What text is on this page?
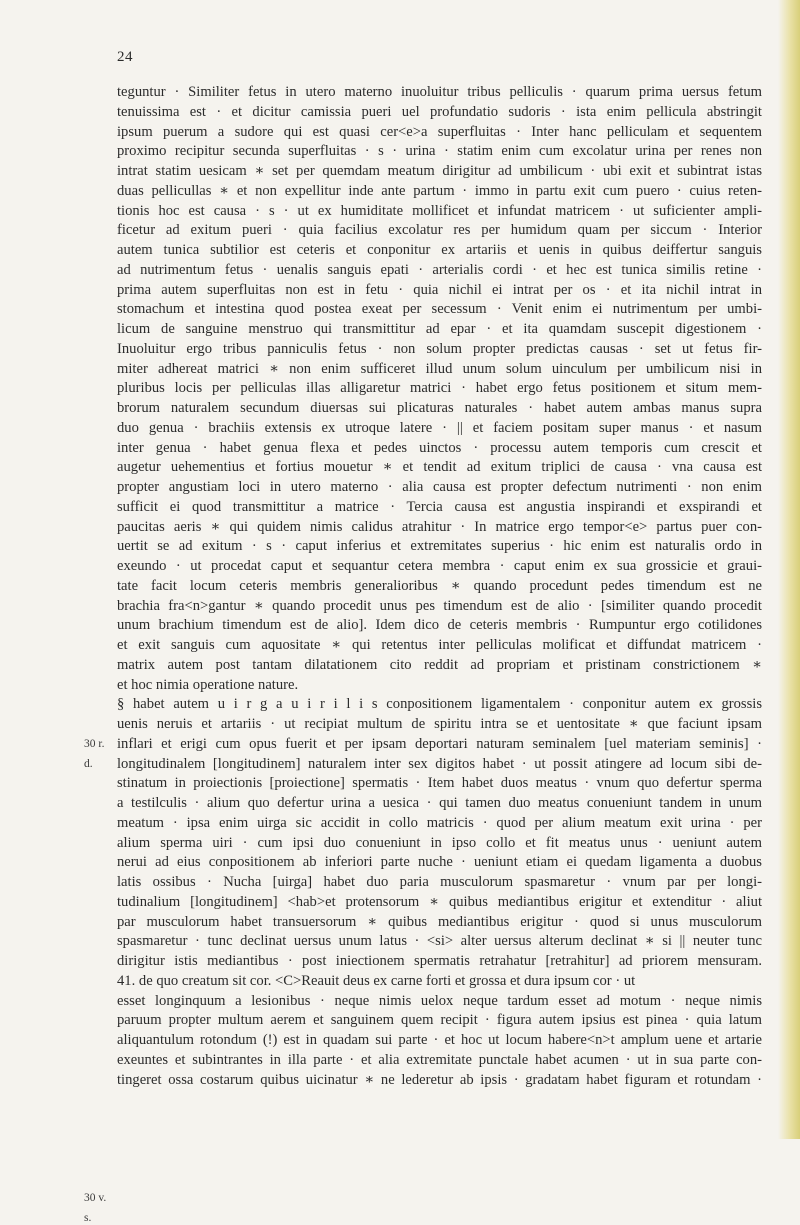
24
30 r.
d.
30 v.
s.
teguntur · Similiter fetus in utero materno inuoluitur tribus pelliculis · quarum prima uersus fetum
tenuissima est · et dicitur camissia pueri uel profundatio sudoris · ista enim pellicula abstringit
ipsum puerum a sudore qui est quasi cer<e>a superfluitas · Inter hanc pelliculam et sequentem
proximo recipitur secunda superfluitas · s · urina · statim enim cum excolatur urina per renes non
intrat statim uesicam ∗ set per quemdam meatum dirigitur ad umbilicum · ubi exit et subintrat istas
duas pellicullas ∗ et non expellitur inde ante partum · immo in partu exit cum puero · cuius reten-
tionis hoc est causa · s · ut ex humiditate mollificet et infundat matricem · ut suficienter ampli-
ficetur ad exitum pueri · quia facilius excolatur res per humidum quam per siccum · Interior
autem tunica subtilior est ceteris et conponitur ex artariis et uenis in quibus deiffertur sanguis
ad nutrimentum fetus · uenalis sanguis epati · arterialis cordi · et hec est tunica similis retine ·
prima autem superfluitas non est in fetu · quia nichil ei intrat per os · et ita nichil intrat in
stomachum et intestina quod postea exeat per secessum · Venit enim ei nutrimentum per umbi-
licum de sanguine menstruo qui transmittitur ad epar · et ita quamdam suscepit digestionem ·
Inuoluitur ergo tribus panniculis fetus · non solum propter predictas causas · set ut fetus fir-
miter adhereat matrici ∗ non enim sufficeret illud unum solum uinculum per umbilicum nisi in
pluribus locis per pelliculas illas alligaretur matrici · habet ergo fetus positionem et situm mem-
brorum naturalem secundum diuersas sui plicaturas naturales · habet autem ambas manus supra
duo genua · brachiis extensis ex utroque latere · || et faciem positam super manus · et nasum
inter genua · habet genua flexa et pedes uinctos · processu autem temporis cum crescit et
augetur uehementius et fortius mouetur ∗ et tendit ad exitum triplici de causa · vna causa est
propter angustiam loci in utero materno · alia causa est propter defectum nutrimenti · non enim
sufficit ei quod transmittitur a matrice · Tercia causa est angustia inspirandi et exspirandi et
paucitas aeris ∗ qui quidem nimis calidus atrahitur · In matrice ergo tempor<e> partus puer con-
uertit se ad exitum · s · caput inferius et extremitates superius · hic enim est naturalis ordo in
exeundo · ut procedat caput et sequantur cetera membra · caput enim ex sua grossicie et graui-
tate facit locum ceteris membris generalioribus ∗ quando procedunt pedes timendum est ne
brachia fra<n>gantur ∗ quando procedit unus pes timendum est de alio · [similiter quando procedit
unum brachium timendum est de alio]. Idem dico de ceteris membris · Rumpuntur ergo cotilidones
et exit sanguis cum aquositate ∗ qui retentus inter pelliculas molificat et diffundat matricem ·
matrix autem post tantam dilatationem cito reddit ad propriam et pristinam constrictionem ∗
et hoc nimia operatione nature.
§ habet autem u i r g a u i r i l i s conpositionem ligamentalem · conponitur autem ex grossis
uenis neruis et artariis · ut recipiat multum de spiritu intra se et uentositate ∗ que faciunt ipsam
inflari et erigi cum opus fuerit et per ipsam deportari naturam seminalem [uel materiam seminis] ·
longitudinalem [longitudinem] naturalem inter sex digitos habet · ut possit atingere ad locum sibi de-
stinatum in proiectionis [proiectione] spermatis · Item habet duos meatus · vnum quo defertur sperma
a testilculis · alium quo defertur urina a uesica · qui tamen duo meatus conueniunt tandem in unum
meatum · ipsa enim uirga sic accidit in collo matricis · quod per alium meatum exit urina · per
alium sperma uiri · cum ipsi duo conueniunt in ipso collo et fit meatus unus · ueniunt autem
nerui ad eius conpositionem ab inferiori parte nuche · ueniunt etiam ei quedam ligamenta a duobus
latis ossibus · Nucha [uirga] habet duo paria musculorum spasmaretur · vnum par per longi-
tudinalium [longitudinem] <hab>et protensorum ∗ quibus mediantibus erigitur et extenditur · aliut
par musculorum habet transuersorum ∗ quibus mediantibus erigitur · quod si unus musculorum
spasmaretur · tunc declinat uersus unum latus · <si> alter uersus alterum declinat ∗ si || neuter tunc
dirigitur istis mediantibus · post iniectionem spermatis retrahatur [retrahitur] ad priorem mensuram.
41. de quo creatum sit cor. <C>Reauit deus ex carne forti et grossa et dura ipsum cor · ut
esset longinquum a lesionibus · neque nimis uelox neque tardum esset ad motum · neque nimis
paruum propter multum aerem et sanguinem quem recipit · figura autem ipsius est pinea · quia latum
aliquantulum rotondum (!) est in quadam sui parte · et hoc ut locum habere<n>t amplum uene et artarie
exeuntes et subintrantes in illa parte · et alia extremitate punctale habet acumen · ut in sua parte con-
tingeret ossa costarum quibus uicinatur ∗ ne lederetur ab ipsis · gradatam habet figuram et rotundam ·
